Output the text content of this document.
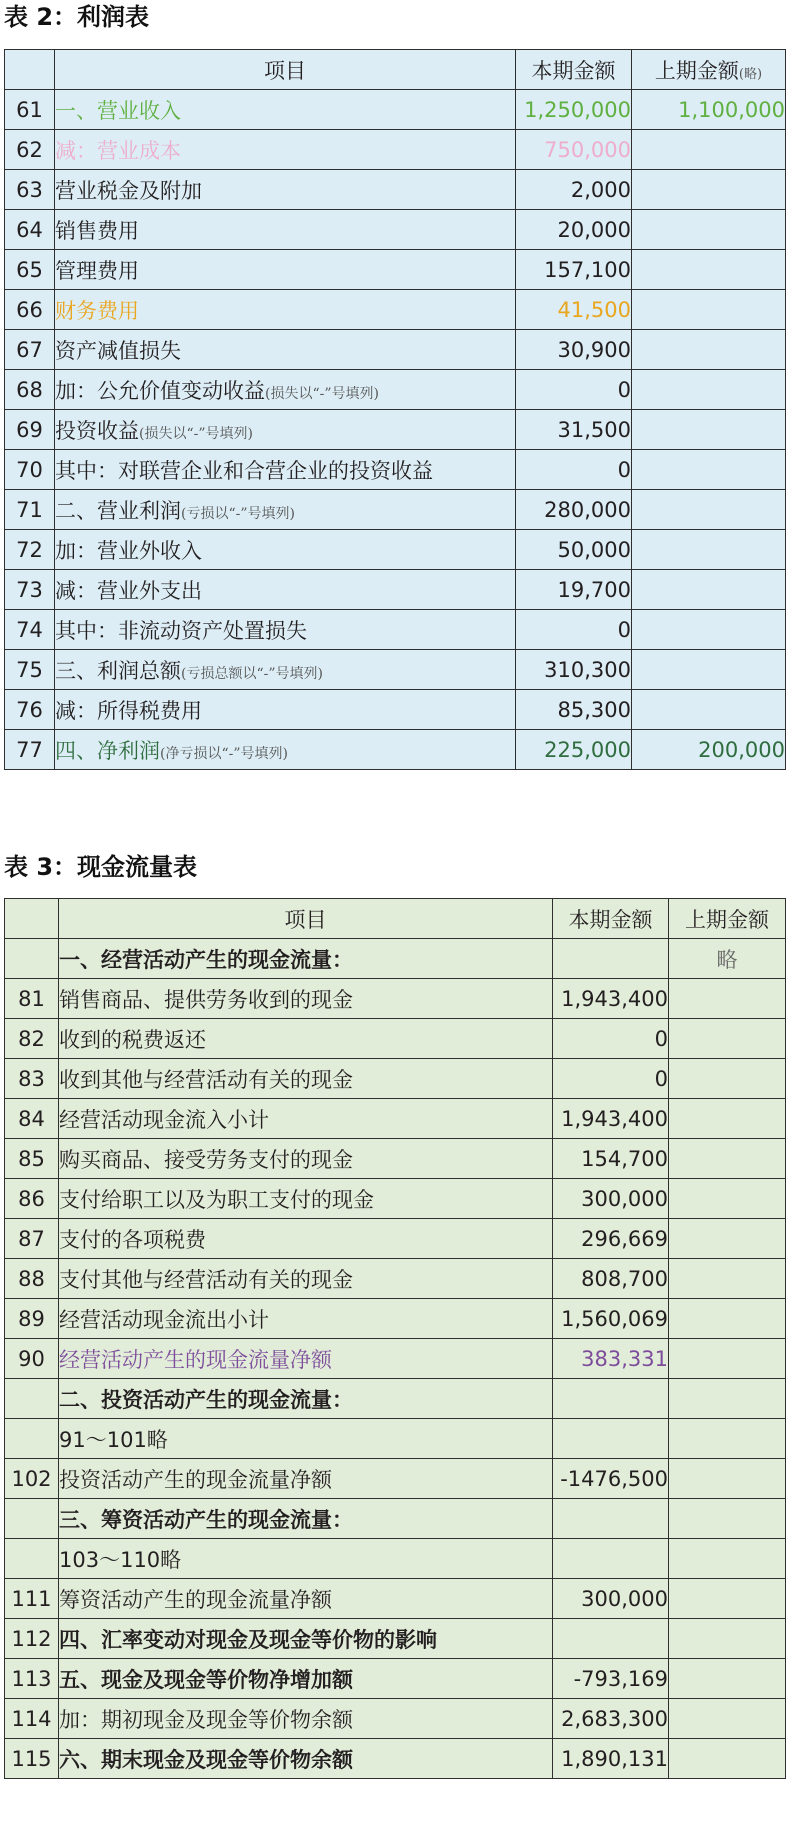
表 2：利润表
	项目	本期金额	上期金额(略)
61	一、营业收入	1,250,000	1,100,000
62	减：营业成本	750,000	
63	营业税金及附加	2,000	
64	销售费用	20,000	
65	管理费用	157,100	
66	财务费用	41,500	
67	资产减值损失	30,900	
68	加：公允价值变动收益(损失以“-”号填列)	0	
69	投资收益(损失以“-”号填列)	31,500	
70	其中：对联营企业和合营企业的投资收益	0	
71	二、营业利润(亏损以“-”号填列)	280,000	
72	加：营业外收入	50,000	
73	减：营业外支出	19,700	
74	其中：非流动资产处置损失	0	
75	三、利润总额(亏损总额以“-”号填列)	310,300	
76	减：所得税费用	85,300	
77	四、净利润(净亏损以“-”号填列)	225,000	200,000
表 3：现金流量表
	项目	本期金额	上期金额
	一、经营活动产生的现金流量：		略
81	销售商品、提供劳务收到的现金	1,943,400	
82	收到的税费返还	0	
83	收到其他与经营活动有关的现金	0	
84	经营活动现金流入小计	1,943,400	
85	购买商品、接受劳务支付的现金	154,700	
86	支付给职工以及为职工支付的现金	300,000	
87	支付的各项税费	296,669	
88	支付其他与经营活动有关的现金	808,700	
89	经营活动现金流出小计	1,560,069	
90	经营活动产生的现金流量净额	383,331	
	二、投资活动产生的现金流量：		
	91～101略		
102	投资活动产生的现金流量净额	-1476,500	
	三、筹资活动产生的现金流量：		
	103～110略		
111	筹资活动产生的现金流量净额	300,000	
112	四、汇率变动对现金及现金等价物的影响		
113	五、现金及现金等价物净增加额	-793,169	
114	加：期初现金及现金等价物余额	2,683,300	
115	六、期末现金及现金等价物余额	1,890,131	
